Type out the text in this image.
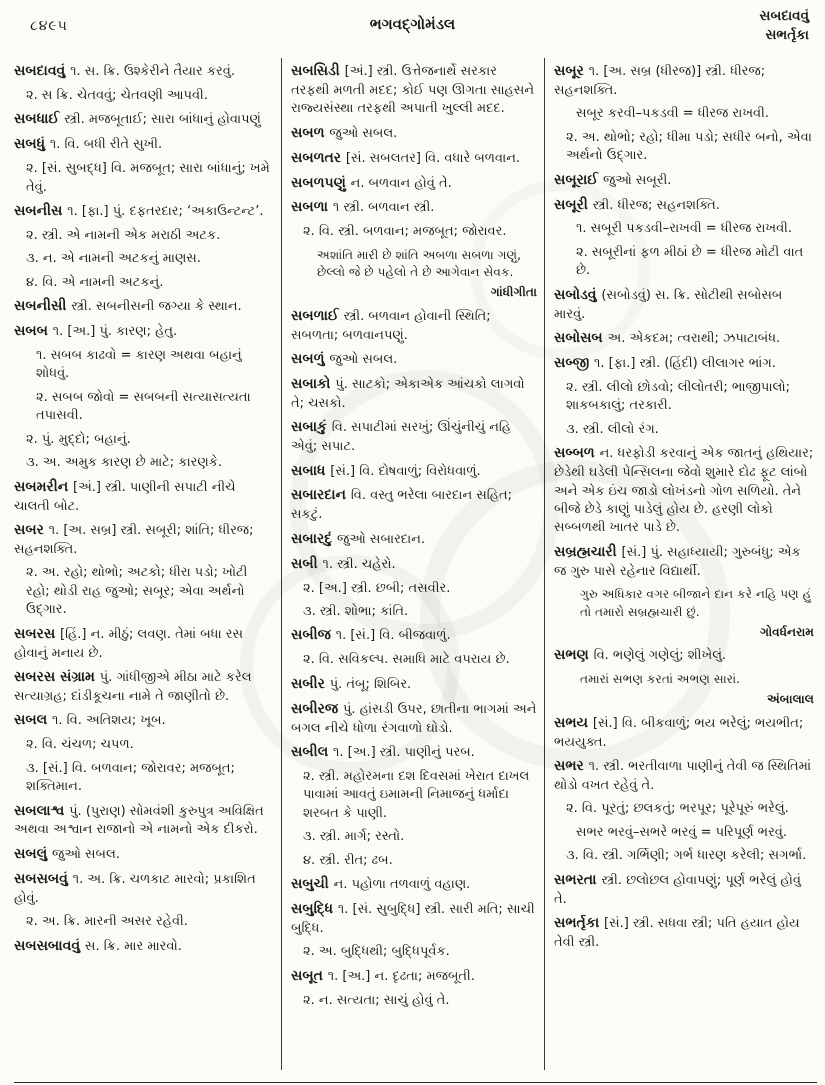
૮૪૯૫	ભગવદ્ગોમંડલ	સબદાવવું
સભર્તૃકા

સબદાવવું ૧. સ. ક્રિ. ઉશ્કેરીને તૈયાર કરવું.

૨. સ ક્રિ. ચેતવવું; ચેતવણી આપવી.

સબધાઈ સ્ત્રી. મજબૂતાઈ; સારા બાંધાનું હોવાપણું

સબધું ૧. વિ. બધી રીતે સુખી.

૨. [સં. સુબદ્ધ] વિ. મજબૂત; સારા બાંધાનું; ખમે તેવું.

સબનીસ ૧. [ફા.] પું. દફતરદાર; ‘અકાઉન્ટન્ટ’.

૨. સ્ત્રી. એ નામની એક મરાઠી અટક.

૩. ન. એ નામની અટકનું માણસ.

૪. વિ. એ નામની અટકનું.

સબનીસી સ્ત્રી. સબનીસની જગ્યા કે સ્થાન.

સબબ ૧. [અ.] પું. કારણ; હેતુ.

૧. સબબ કાઢવો = કારણ અથવા બહાનું શોધવું.

૨. સબબ જોવો = સબબની સત્યાસત્યતા તપાસવી.

૨. પું. મુદ્દો; બહાનું.

૩. અ. અમુક કારણ છે માટે; કારણકે.

સબમરીન [અં.] સ્ત્રી. પાણીની સપાટી નીચે ચાલતી બોટ.

સબર ૧. [અ. સબ્ર] સ્ત્રી. સબૂરી; શાંતિ; ધીરજ; સહનશક્તિ.

૨. અ. રહો; થોભો; અટકો; ધીરા પડો; ખોટી રહો; થોડી રાહ જુઓ; સબૂર; એવા અર્થનો ઉદ્ગાર.

સબરસ [હિં.] ન. મીઠું; લવણ. તેમાં બધા રસ હોવાનું મનાય છે.

સબરસ સંગ્રામ પું. ગાંધીજીએ મીઠા માટે કરેલ સત્યાગ્રહ; દાંડીકૂચના નામે તે જાણીતો છે.

સબલ ૧. વિ. અતિશય; ખૂબ.

૨. વિ. ચંચળ; ચપળ.

૩. [સં.] વિ. બળવાન; જોરાવર; મજબૂત; શક્તિમાન.

સબલાશ્વ પું. (પુરાણ) સોમવંશી કુરુપુત્ર અવિક્ષિત અથવા અશ્વાન રાજાનો એ નામનો એક દીકરો.

સબલું જુઓ સબલ.

સબસબવું ૧. અ. ક્રિ. ચળકાટ મારવો; પ્રકાશિત હોવું.

૨. અ. ક્રિ. મારની અસર રહેવી.

સબસબાવવું સ. ક્રિ. માર મારવો.

સબસિડી [અં.] સ્ત્રી. ઉત્તેજનાર્થે સરકાર તરફથી મળતી મદદ; કોઈ પણ ઊગતા સાહસને રાજ્યસંસ્થા તરફથી અપાતી ખુલ્લી મદદ.

સબળ જુઓ સબલ.

સબળતર [સં. સબલતર] વિ. વધારે બળવાન.

સબળપણું ન. બળવાન હોવું તે.

સબળા ૧ સ્ત્રી. બળવાન સ્ત્રી.

૨. વિ. સ્ત્રી. બળવાન; મજબૂત; જોરાવર.

અશાંતિ મારી છે શાંતિ અબળા સબળા ગણું, છેલ્લો જે છે પહેલો તે છે આગેવાન સેવક.

ગાંધીગીતા

સબળાઈ સ્ત્રી. બળવાન હોવાની સ્થિતિ; સબળતા; બળવાનપણું.

સબળું જુઓ સબલ.

સબાકો પું. સાટકો; એકાએક આંચકો લાગવો તે; ચસકો.

સબાકું વિ. સપાટીમાં સરખું; ઊંચુંનીચું નહિ એવું; સપાટ.

સબાધ [સં.] વિ. દોષવાળું; વિરોધવાળું.

સબારદાન વિ. વસ્તુ ભરેલા બારદાન સહિત; સકટું.

સબારદું જુઓ સબારદાન.

સબી ૧. સ્ત્રી. ચહેરો.

૨. [અ.] સ્ત્રી. છબી; તસવીર.

૩. સ્ત્રી. શોભા; કાંતિ.

સબીજ ૧. [સં.] વિ. બીજવાળું.

૨. વિ. સવિકલ્પ. સમાધિ માટે વપરાય છે.

સબીર પું. તંબૂ; શિબિર.

સબીરજ પું. હાંસડી ઉપર, છાતીના ભાગમાં અને બગલ નીચે ધોળા રંગવાળો ઘોડો.

સબીલ ૧. [અ.] સ્ત્રી. પાણીનું પરબ.

૨. સ્ત્રી. મહોરમના દશ દિવસમાં ખેરાત દાખલ પાવામાં આવતું ઇમામની નિમાજનું ધર્માદા શરબત કે પાણી.

૩. સ્ત્રી. માર્ગ; રસ્તો.

૪. સ્ત્રી. રીત; ઢબ.

સબુચી ન. પહોળા તળવાળું વહાણ.

સબુદ્ધિ ૧. [સં. સુબુદ્ધિ] સ્ત્રી. સારી મતિ; સાચી બુદ્ધિ.

૨. અ. બુદ્ધિથી; બુદ્ધિપૂર્વક.

સબૂત ૧. [અ.] ન. દૃઢતા; મજબૂતી.

૨. ન. સત્યતા; સાચું હોવું તે.

સબૂર ૧. [અ. સબ્ર (ધીરજ)] સ્ત્રી. ધીરજ; સહનશક્તિ.

સબૂર કરવી–પકડવી = ધીરજ રાખવી.

૨. અ. થોભો; રહો; ધીમા પડો; સધીર બનો, એવા અર્થનો ઉદ્ગાર.

સબૂરાઈ જુઓ સબૂરી.

સબૂરી સ્ત્રી. ધીરજ; સહનશક્તિ.

૧. સબૂરી પકડવી–રાખવી = ધીરજ રાખવી.

૨. સબૂરીનાં ફળ મીઠાં છે = ધીરજ મોટી વાત છે.

સબોડવું (સબોડવું) સ. ક્રિ. સોટીથી સબોસબ મારવું.

સબોસબ અ. એકદમ; ત્વરાથી; ઝપાટાબંધ.

સબ્જી ૧. [ફા.] સ્ત્રી. (હિંદી) લીલાગર ભાંગ.

૨. સ્ત્રી. લીલો છોડવો; લીલોતરી; ભાજીપાલો; શાકબકાલું; તરકારી.

૩. સ્ત્રી. લીલો રંગ.

સબ્બળ ન. ધરફોડી કરવાનું એક જાતનું હથિયાર; છેડેથી ઘડેલી પેન્સિલના જેવો શુમારે દોઢ ફૂટ લાંબો અને એક ઇંચ જાડો લોખંડનો ગોળ સળિયો. તેને બીજે છેડે કાણું પાડેલું હોય છે. હરણી લોકો સબ્બળથી ખાતર પાડે છે.

સબ્રહ્મચારી [સં.] પું. સહાધ્યાયી; ગુરુબંધુ; એક જ ગુરુ પાસે રહેનાર વિદ્યાર્થી.

ગુરુ અધિકાર વગર બીજાને દાન કરે નહિ પણ હું તો તમારો સબ્રહ્મચારી છું.

ગોવર્ધનરામ

સભણ વિ. ભણેલું ગણેલું; શીખેલું.

તમારાં સભણ કરતાં અભણ સારાં.

અંબાલાલ

સભય [સં.] વિ. બીકવાળું; ભય ભરેલું; ભયભીત; ભયયુક્ત.

સભર ૧. સ્ત્રી. ભરતીવાળા પાણીનું તેવી જ સ્થિતિમાં થોડો વખત રહેવું તે.

૨. વિ. પૂરતું; છલકતું; ભરપૂર; પૂરેપૂરું ભરેલું.

સભર ભરવું–સભરે ભરવું = પરિપૂર્ણ ભરવું.

૩. વિ. સ્ત્રી. ગર્ભિણી; ગર્ભ ધારણ કરેલી; સગર્ભા.

સભરતા સ્ત્રી. છલોછલ હોવાપણું; પૂર્ણ ભરેલું હોવું તે.

સભર્તૃકા [સં.] સ્ત્રી. સધવા સ્ત્રી; પતિ હયાત હોય તેવી સ્ત્રી.
